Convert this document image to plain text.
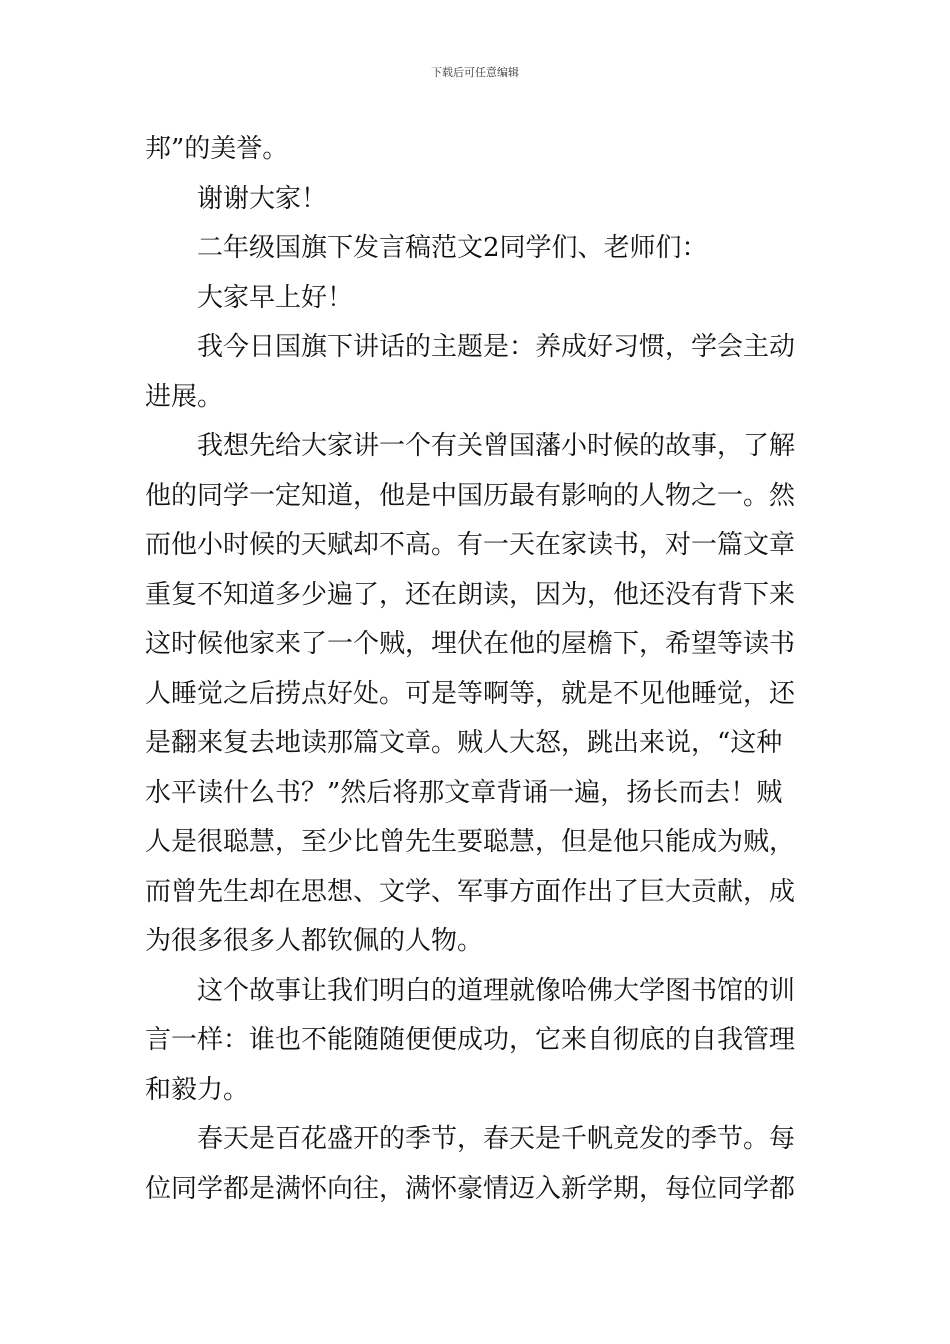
下载后可任意编辑
邦”的美誉。
谢谢大家！
二年级国旗下发言稿范文2同学们、老师们：
大家早上好！
我今日国旗下讲话的主题是：养成好习惯，学会主动
进展。
我想先给大家讲一个有关曾国藩小时候的故事，了解
他的同学一定知道，他是中国历最有影响的人物之一。然
而他小时候的天赋却不高。有一天在家读书，对一篇文章
重复不知道多少遍了，还在朗读，因为，他还没有背下来
这时候他家来了一个贼，埋伏在他的屋檐下，希望等读书
人睡觉之后捞点好处。可是等啊等，就是不见他睡觉，还
是翻来复去地读那篇文章。贼人大怒，跳出来说，“这种
水平读什么书？”然后将那文章背诵一遍，扬长而去！贼
人是很聪慧，至少比曾先生要聪慧，但是他只能成为贼，
而曾先生却在思想、文学、军事方面作出了巨大贡献，成
为很多很多人都钦佩的人物。
这个故事让我们明白的道理就像哈佛大学图书馆的训
言一样：谁也不能随随便便成功，它来自彻底的自我管理
和毅力。
春天是百花盛开的季节，春天是千帆竞发的季节。每
位同学都是满怀向往，满怀豪情迈入新学期，每位同学都
